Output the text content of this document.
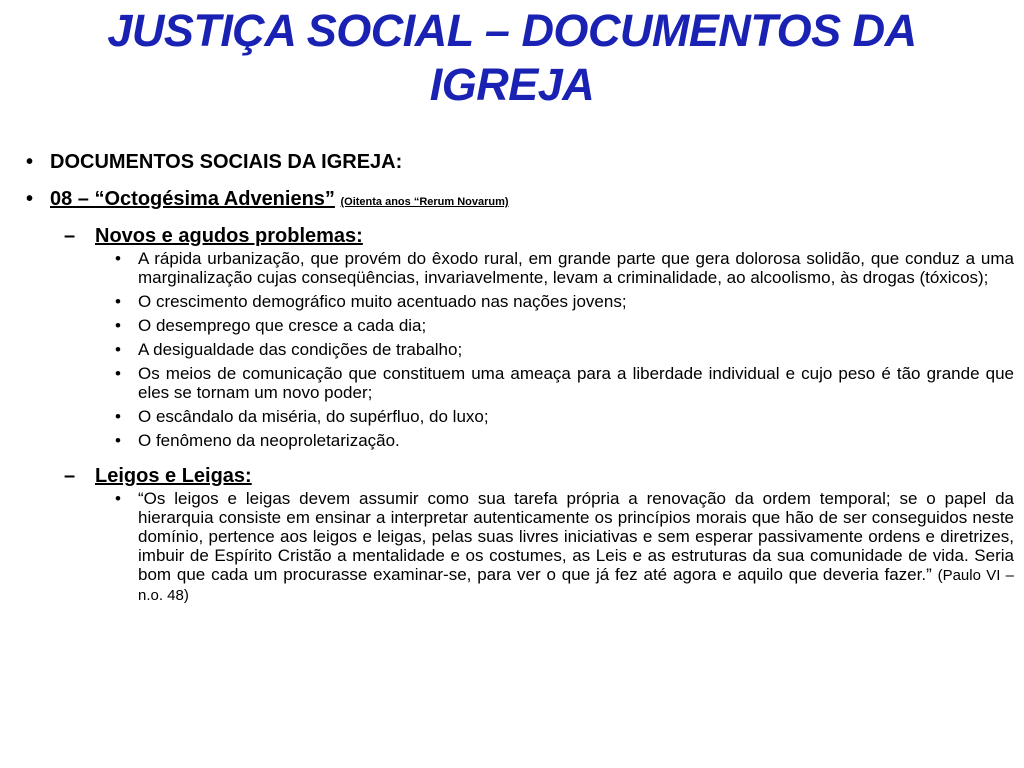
JUSTIÇA SOCIAL – DOCUMENTOS DA IGREJA
• DOCUMENTOS SOCIAIS DA IGREJA:
• 08 – “Octogésima Adveniens” (Oitenta anos “Rerum Novarum)
– Novos e agudos problemas:
• A rápida urbanização, que provém do êxodo rural, em grande parte que gera dolorosa solidão, que conduz a uma marginalização cujas conseqüências, invariavelmente, levam a criminalidade, ao alcoolismo, às drogas (tóxicos);
• O crescimento demográfico muito acentuado nas nações jovens;
• O desemprego que cresce a cada dia;
• A desigualdade das condições de trabalho;
• Os meios de comunicação que constituem uma ameaça para a liberdade individual e cujo peso é tão grande que eles se tornam um novo poder;
• O escândalo da miséria, do supérfluo, do luxo;
• O fenômeno da neoproletarização.
– Leigos e Leigas:
• “Os leigos e leigas devem assumir como sua tarefa própria a renovação da ordem temporal; se o papel da hierarquia consiste em ensinar a interpretar autenticamente os princípios morais que hão de ser conseguidos neste domínio, pertence aos leigos e leigas, pelas suas livres iniciativas e sem esperar passivamente ordens e diretrizes, imbuir de Espírito Cristão a mentalidade e os costumes, as Leis e as estruturas da sua comunidade de vida. Seria bom que cada um procurasse examinar-se, para ver o que já fez até agora e aquilo que deveria fazer.” (Paulo VI – n.o. 48)
